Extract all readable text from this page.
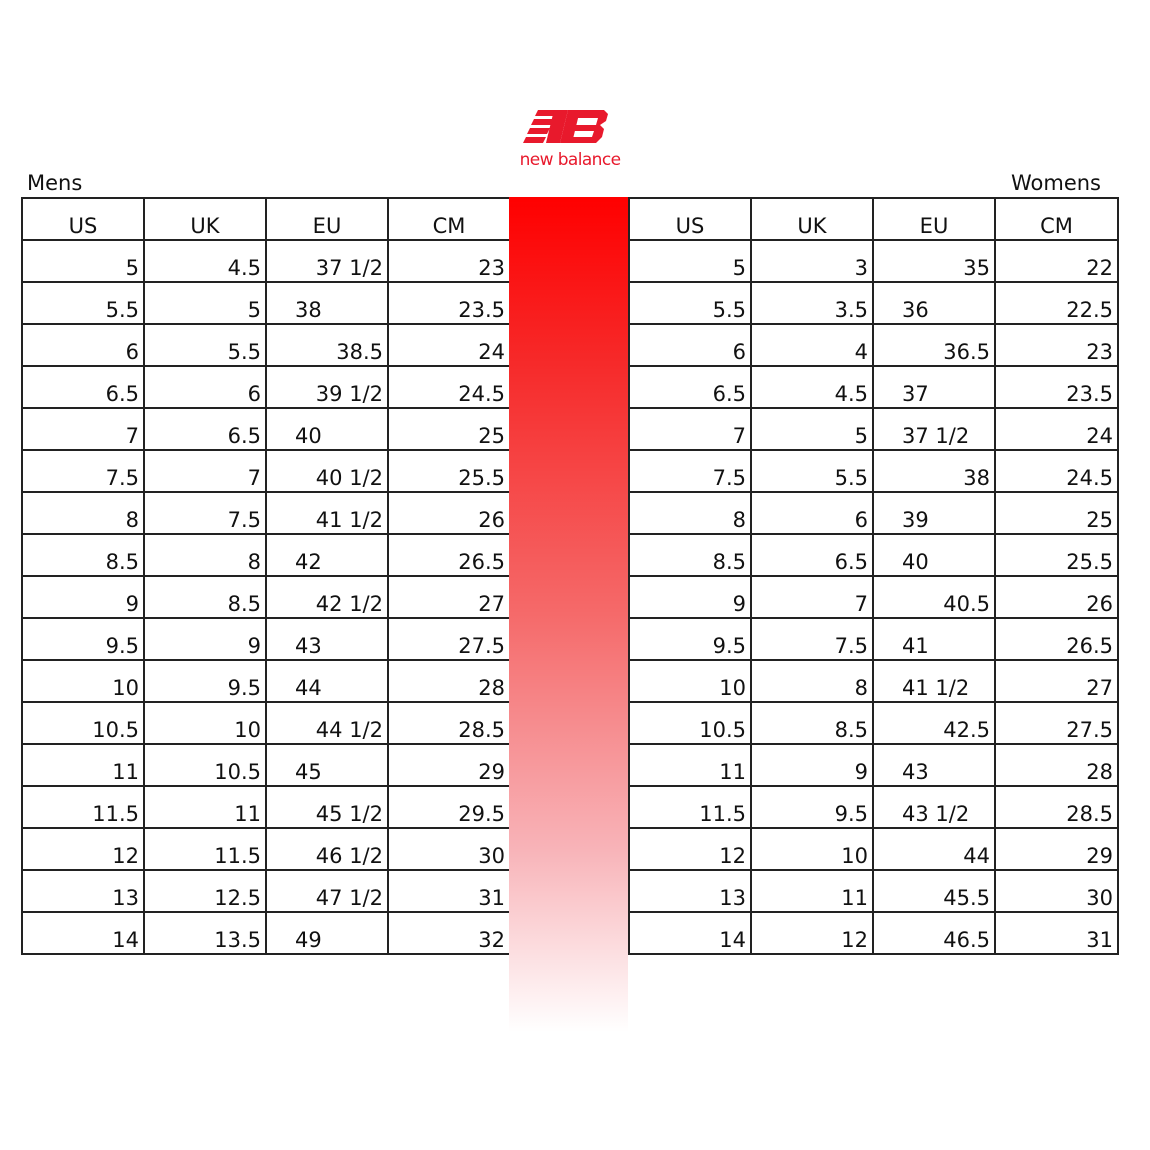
new balance
Mens	Womens
US	UK	EU	CM
5	4.5	37 1/2	23
5.5	5	38	23.5
6	5.5	38.5	24
6.5	6	39 1/2	24.5
7	6.5	40	25
7.5	7	40 1/2	25.5
8	7.5	41 1/2	26
8.5	8	42	26.5
9	8.5	42 1/2	27
9.5	9	43	27.5
10	9.5	44	28
10.5	10	44 1/2	28.5
11	10.5	45	29
11.5	11	45 1/2	29.5
12	11.5	46 1/2	30
13	12.5	47 1/2	31
14	13.5	49	32
US	UK	EU	CM
5	3	35	22
5.5	3.5	36	22.5
6	4	36.5	23
6.5	4.5	37	23.5
7	5	37 1/2	24
7.5	5.5	38	24.5
8	6	39	25
8.5	6.5	40	25.5
9	7	40.5	26
9.5	7.5	41	26.5
10	8	41 1/2	27
10.5	8.5	42.5	27.5
11	9	43	28
11.5	9.5	43 1/2	28.5
12	10	44	29
13	11	45.5	30
14	12	46.5	31
